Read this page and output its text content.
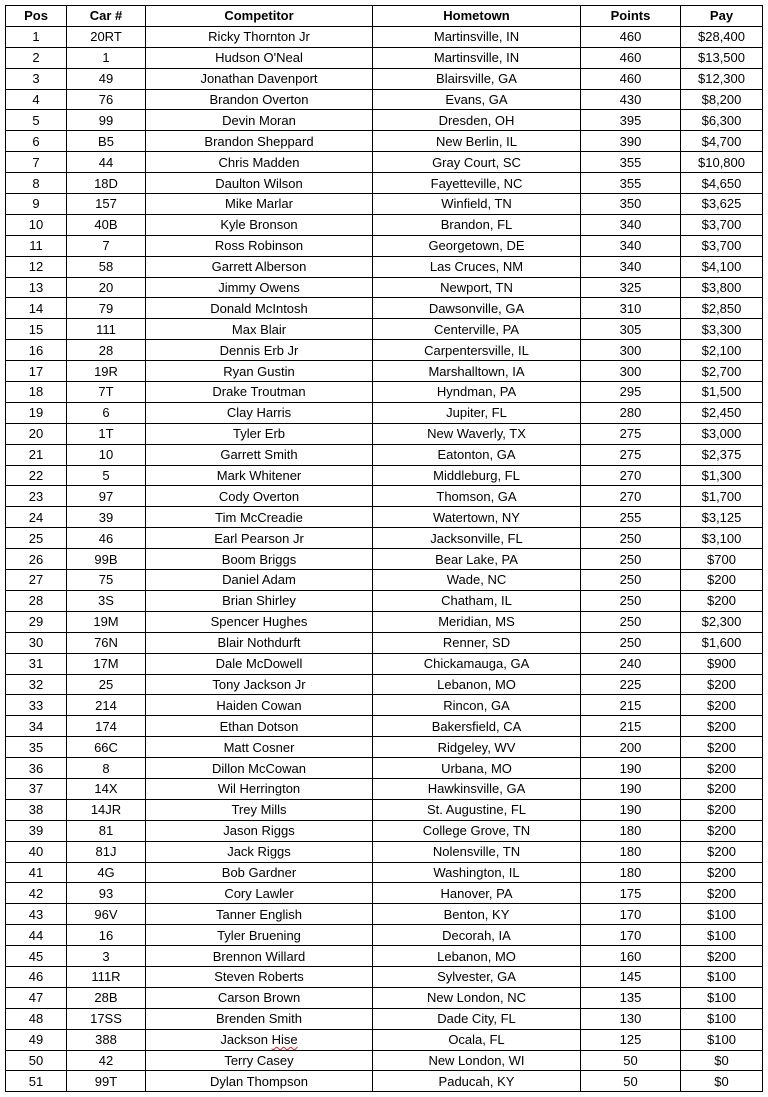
Pos	Car #	Competitor	Hometown	Points	Pay
1	20RT	Ricky Thornton Jr	Martinsville, IN	460	$28,400
2	1	Hudson O'Neal	Martinsville, IN	460	$13,500
3	49	Jonathan Davenport	Blairsville, GA	460	$12,300
4	76	Brandon Overton	Evans, GA	430	$8,200
5	99	Devin Moran	Dresden, OH	395	$6,300
6	B5	Brandon Sheppard	New Berlin, IL	390	$4,700
7	44	Chris Madden	Gray Court, SC	355	$10,800
8	18D	Daulton Wilson	Fayetteville, NC	355	$4,650
9	157	Mike Marlar	Winfield, TN	350	$3,625
10	40B	Kyle Bronson	Brandon, FL	340	$3,700
11	7	Ross Robinson	Georgetown, DE	340	$3,700
12	58	Garrett Alberson	Las Cruces, NM	340	$4,100
13	20	Jimmy Owens	Newport, TN	325	$3,800
14	79	Donald McIntosh	Dawsonville, GA	310	$2,850
15	111	Max Blair	Centerville, PA	305	$3,300
16	28	Dennis Erb Jr	Carpentersville, IL	300	$2,100
17	19R	Ryan Gustin	Marshalltown, IA	300	$2,700
18	7T	Drake Troutman	Hyndman, PA	295	$1,500
19	6	Clay Harris	Jupiter, FL	280	$2,450
20	1T	Tyler Erb	New Waverly, TX	275	$3,000
21	10	Garrett Smith	Eatonton, GA	275	$2,375
22	5	Mark Whitener	Middleburg, FL	270	$1,300
23	97	Cody Overton	Thomson, GA	270	$1,700
24	39	Tim McCreadie	Watertown, NY	255	$3,125
25	46	Earl Pearson Jr	Jacksonville, FL	250	$3,100
26	99B	Boom Briggs	Bear Lake, PA	250	$700
27	75	Daniel Adam	Wade, NC	250	$200
28	3S	Brian Shirley	Chatham, IL	250	$200
29	19M	Spencer Hughes	Meridian, MS	250	$2,300
30	76N	Blair Nothdurft	Renner, SD	250	$1,600
31	17M	Dale McDowell	Chickamauga, GA	240	$900
32	25	Tony Jackson Jr	Lebanon, MO	225	$200
33	214	Haiden Cowan	Rincon, GA	215	$200
34	174	Ethan Dotson	Bakersfield, CA	215	$200
35	66C	Matt Cosner	Ridgeley, WV	200	$200
36	8	Dillon McCowan	Urbana, MO	190	$200
37	14X	Wil Herrington	Hawkinsville, GA	190	$200
38	14JR	Trey Mills	St. Augustine, FL	190	$200
39	81	Jason Riggs	College Grove, TN	180	$200
40	81J	Jack Riggs	Nolensville, TN	180	$200
41	4G	Bob Gardner	Washington, IL	180	$200
42	93	Cory Lawler	Hanover, PA	175	$200
43	96V	Tanner English	Benton, KY	170	$100
44	16	Tyler Bruening	Decorah, IA	170	$100
45	3	Brennon Willard	Lebanon, MO	160	$200
46	111R	Steven Roberts	Sylvester, GA	145	$100
47	28B	Carson Brown	New London, NC	135	$100
48	17SS	Brenden Smith	Dade City, FL	130	$100
49	388	Jackson Hise	Ocala, FL	125	$100
50	42	Terry Casey	New London, WI	50	$0
51	99T	Dylan Thompson	Paducah, KY	50	$0
